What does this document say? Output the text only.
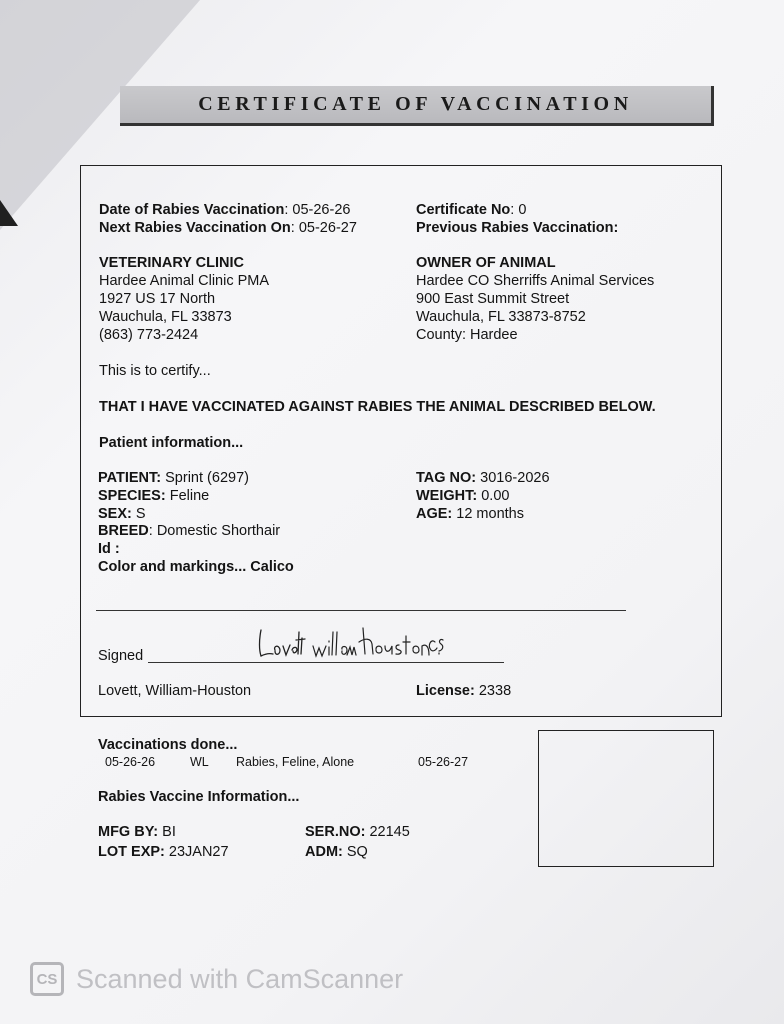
CERTIFICATE OF VACCINATION
Date of Rabies Vaccination: 05-26-26
Next Rabies Vaccination On: 05-26-27
Certificate No: 0
Previous Rabies Vaccination:
VETERINARY CLINIC
Hardee Animal Clinic PMA
1927 US 17 North
Wauchula, FL 33873
(863) 773-2424
OWNER OF ANIMAL
Hardee CO Sherriffs Animal Services
900 East Summit Street
Wauchula, FL 33873-8752
County: Hardee
This is to certify...
THAT I HAVE VACCINATED AGAINST RABIES THE ANIMAL DESCRIBED BELOW.
Patient information...
PATIENT: Sprint (6297)
SPECIES: Feline
SEX: S
BREED: Domestic Shorthair
Id :
Color and markings... Calico
TAG NO: 3016-2026
WEIGHT: 0.00
AGE: 12 months
Signed
Lovett, William-Houston	License: 2338
Vaccinations done...
05-26-26	WL Rabies, Feline, Alone	05-26-27
Rabies Vaccine Information...
MFG BY: BI
LOT EXP: 23JAN27
SER.NO: 22145
ADM: SQ
CS Scanned with CamScanner
